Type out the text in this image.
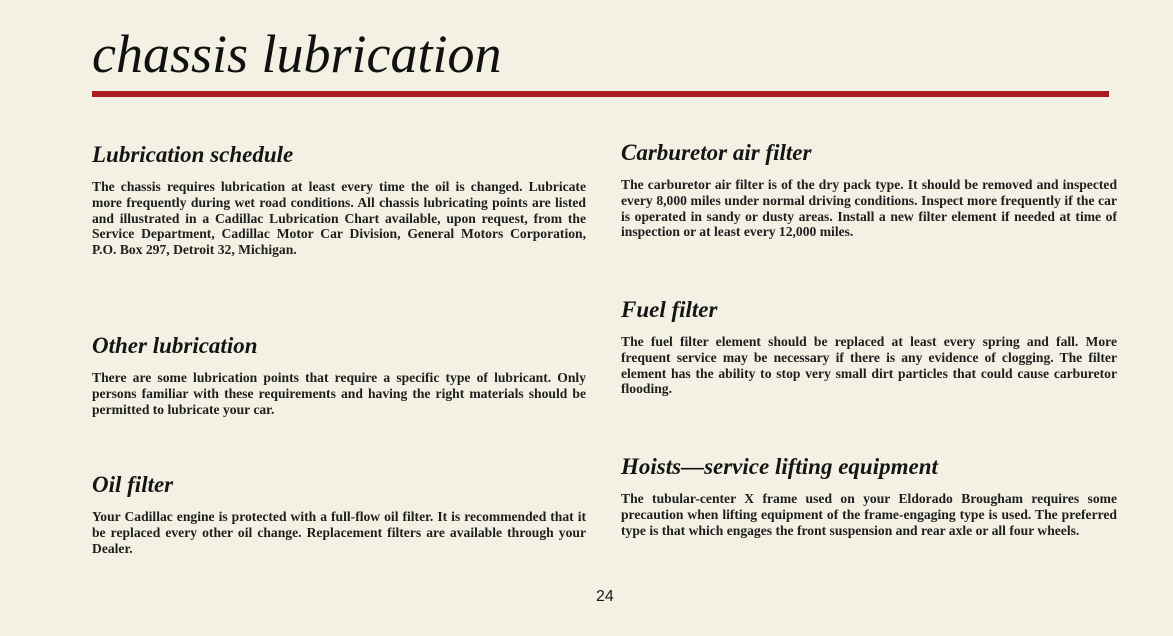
chassis lubrication
Lubrication schedule

The chassis requires lubrication at least every time the oil is changed. Lubricate more frequently during wet road conditions. All chassis lubricating points are listed and illustrated in a Cadillac Lubrication Chart available, upon request, from the Service Department, Cadillac Motor Car Division, General Motors Corporation, P.O. Box 297, Detroit 32, Michigan.

Other lubrication

There are some lubrication points that require a specific type of lubricant. Only persons familiar with these requirements and having the right materials should be permitted to lubricate your car.

Oil filter

Your Cadillac engine is protected with a full-flow oil filter. It is recommended that it be replaced every other oil change. Replacement filters are available through your Dealer.

Carburetor air filter

The carburetor air filter is of the dry pack type. It should be removed and inspected every 8,000 miles under normal driving conditions. Inspect more frequently if the car is operated in sandy or dusty areas. Install a new filter element if needed at time of inspection or at least every 12,000 miles.

Fuel filter

The fuel filter element should be replaced at least every spring and fall. More frequent service may be necessary if there is any evidence of clogging. The filter element has the ability to stop very small dirt particles that could cause carburetor flooding.

Hoists—service lifting equipment

The tubular-center X frame used on your Eldorado Brougham requires some precaution when lifting equipment of the frame-engaging type is used. The preferred type is that which engages the front suspension and rear axle or all four wheels.

24
